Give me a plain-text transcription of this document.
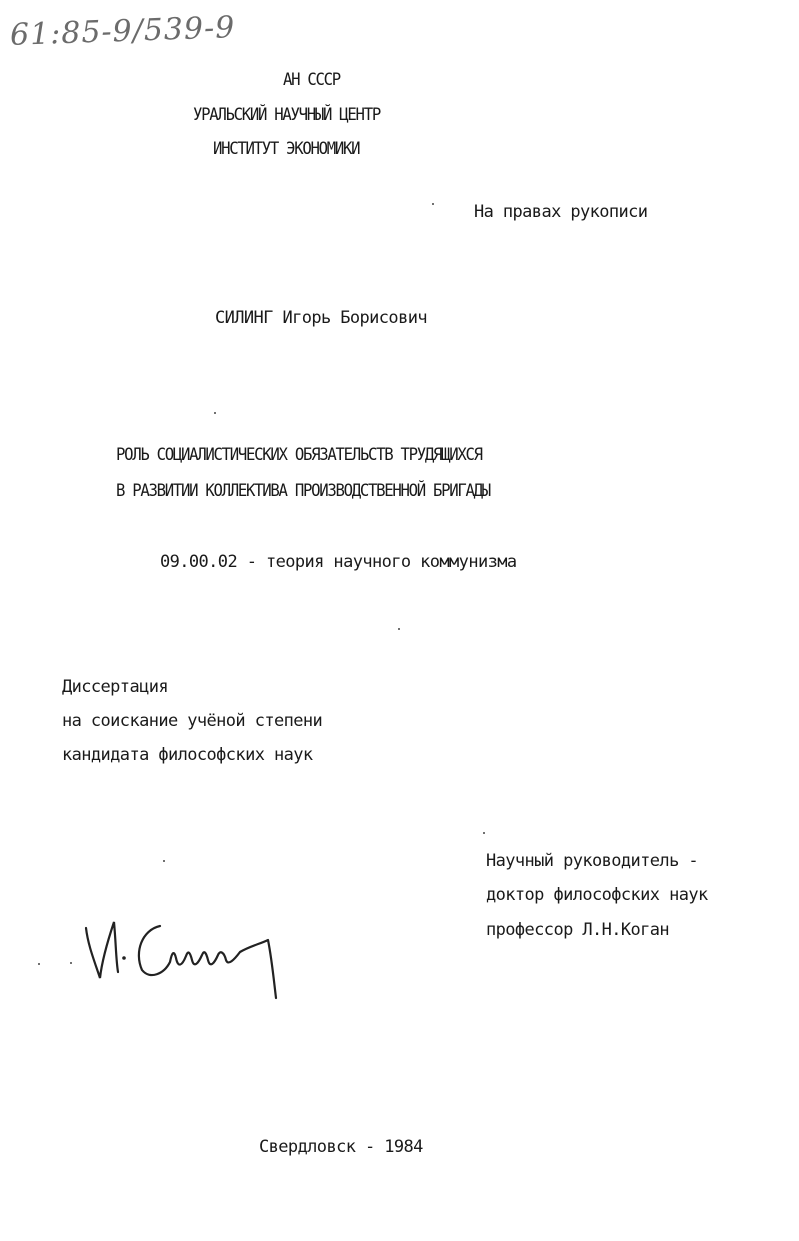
61:85-9/539-9
АН СССР
УРАЛЬСКИЙ НАУЧНЫЙ ЦЕНТР
ИНСТИТУТ ЭКОНОМИКИ
На правах рукописи
СИЛИНГ Игорь Борисович
РОЛЬ СОЦИАЛИСТИЧЕСКИХ ОБЯЗАТЕЛЬСТВ ТРУДЯЩИХСЯ
В РАЗВИТИИ КОЛЛЕКТИВА ПРОИЗВОДСТВЕННОЙ БРИГАДЫ
09.00.02 - теория научного коммунизма
Диссертация
на соискание учёной степени
кандидата философских наук
Научный руководитель -
доктор философских наук
профессор Л.Н.Коган
Свердловск - 1984
